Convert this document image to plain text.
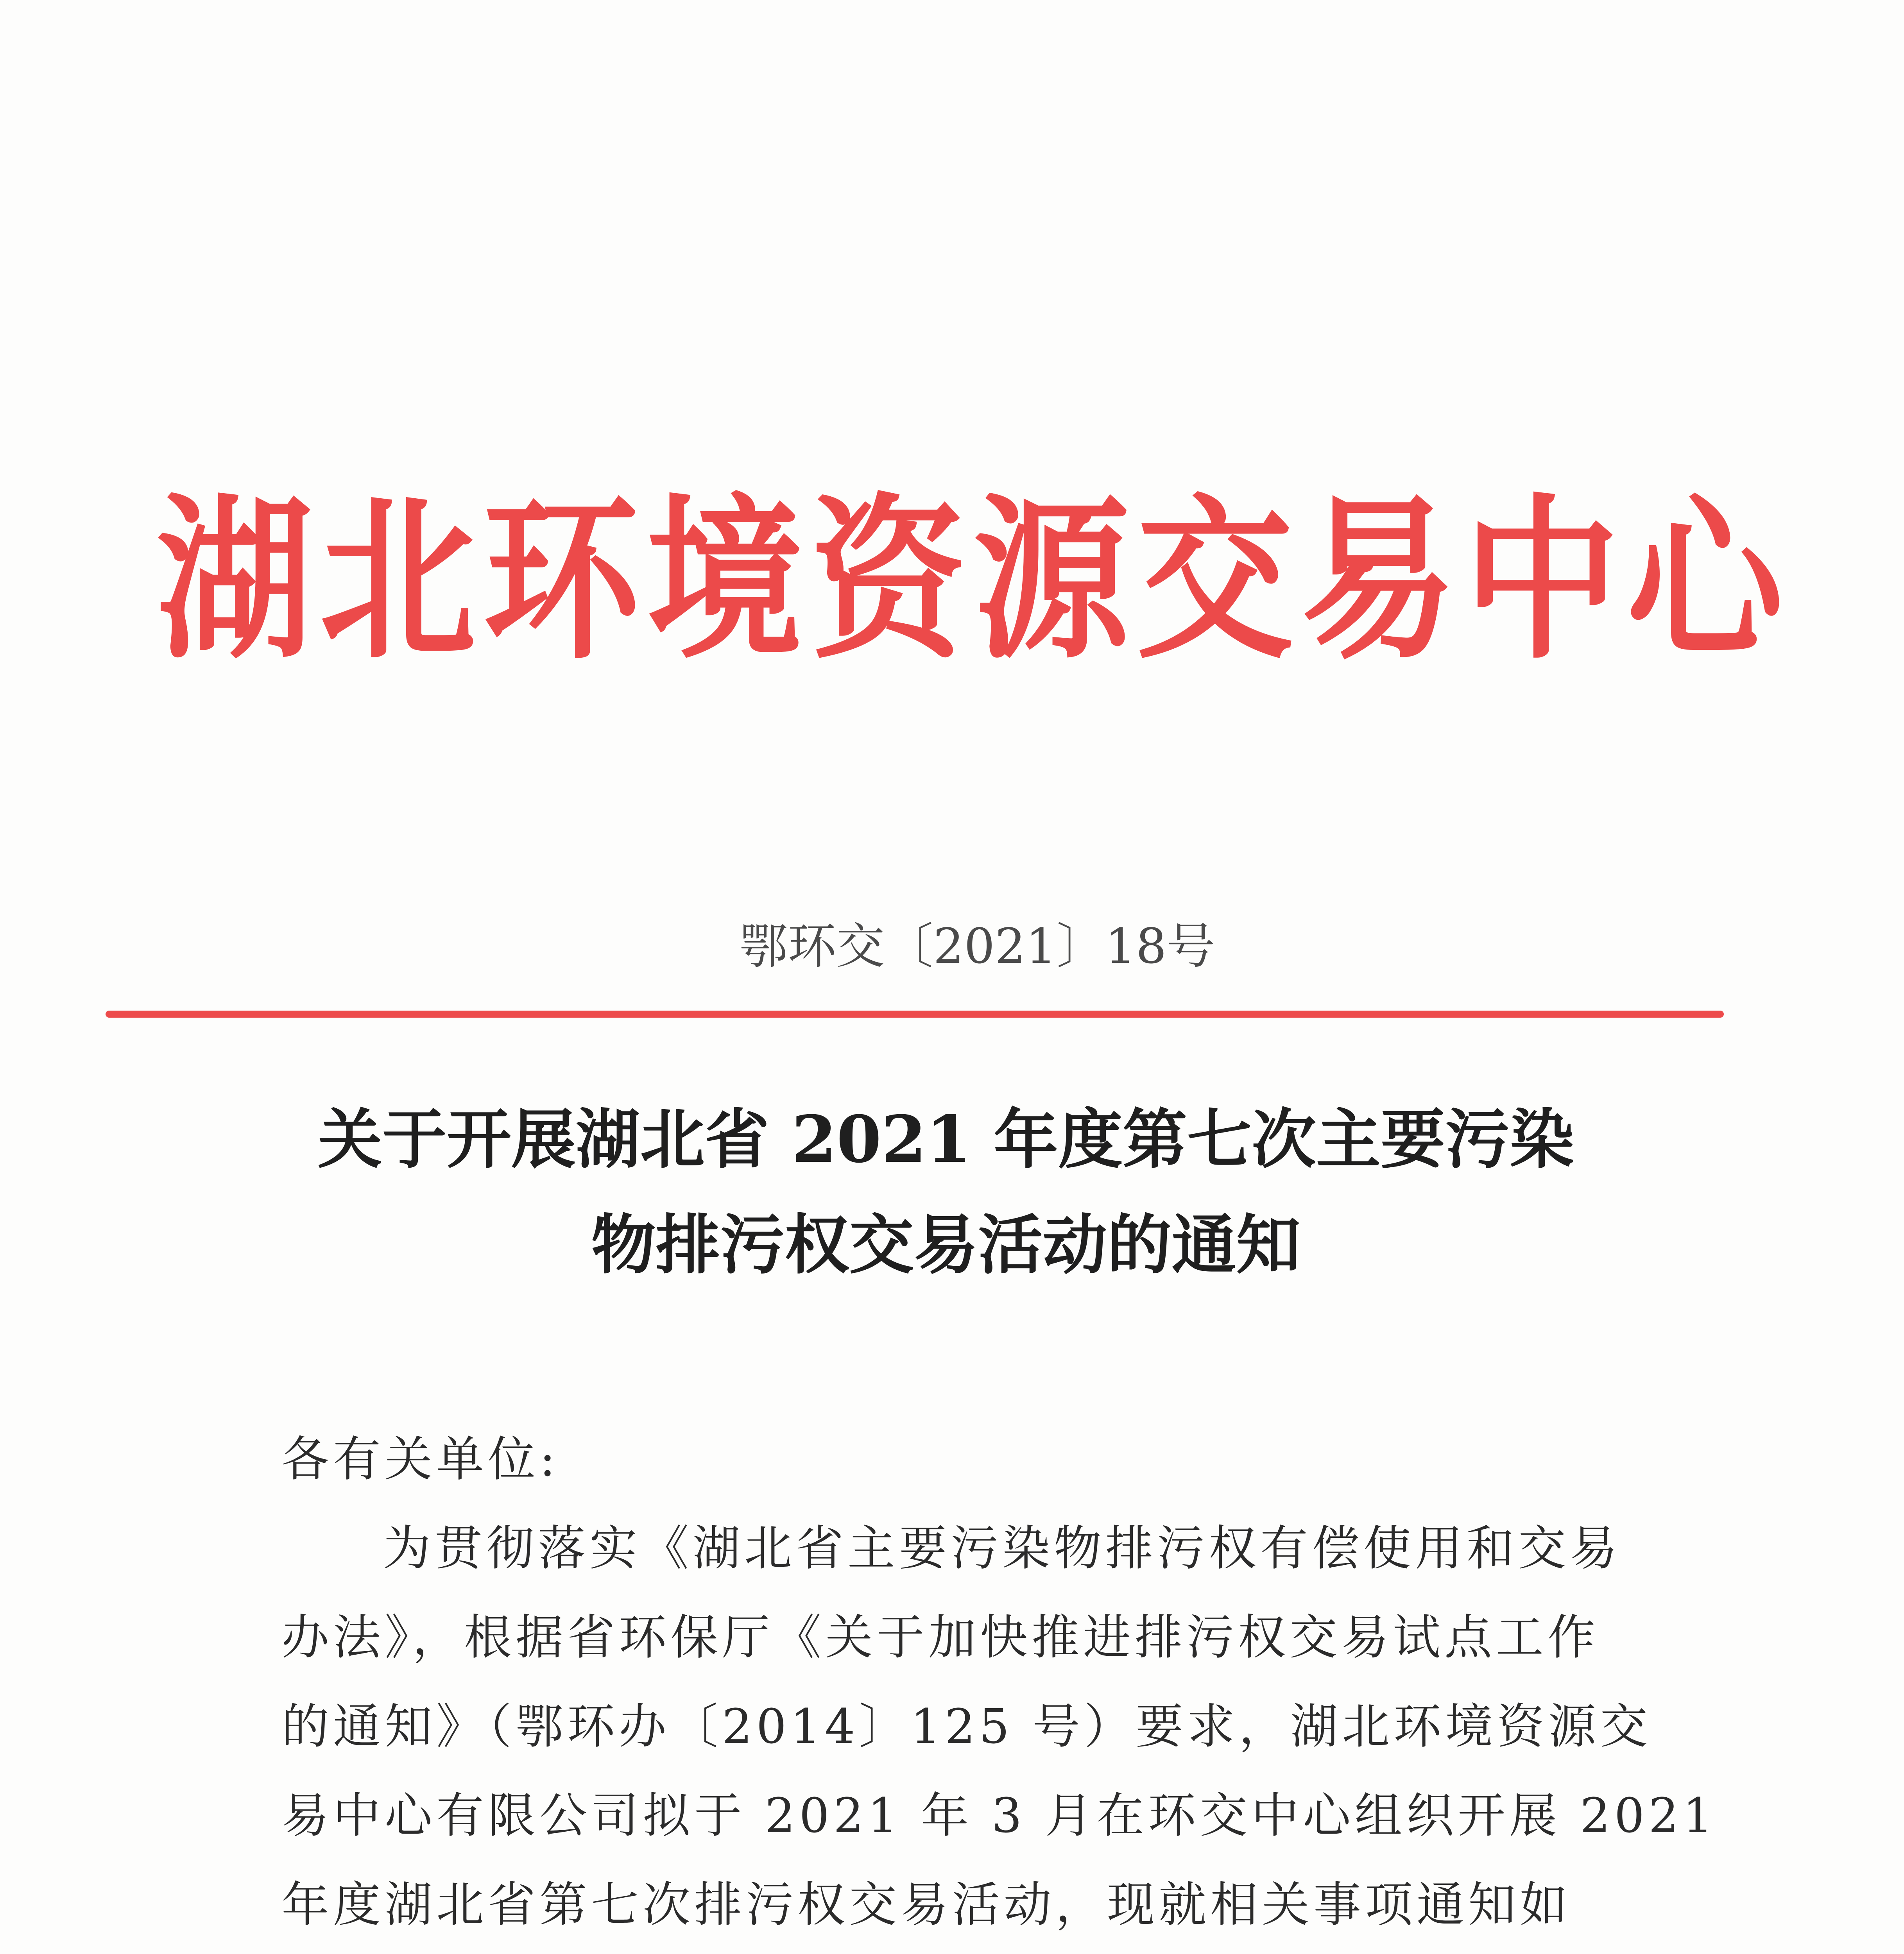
湖北环境资源交易中心
鄂环交〔2021〕18号
关于开展湖北省 2021 年度第七次主要污染
物排污权交易活动的通知
各有关单位:
为贯彻落实《湖北省主要污染物排污权有偿使用和交易
办法》，根据省环保厅《关于加快推进排污权交易试点工作
的通知》（鄂环办〔2014〕125 号）要求，湖北环境资源交
易中心有限公司拟于 2021 年 3 月在环交中心组织开展 2021
年度湖北省第七次排污权交易活动，现就相关事项通知如
